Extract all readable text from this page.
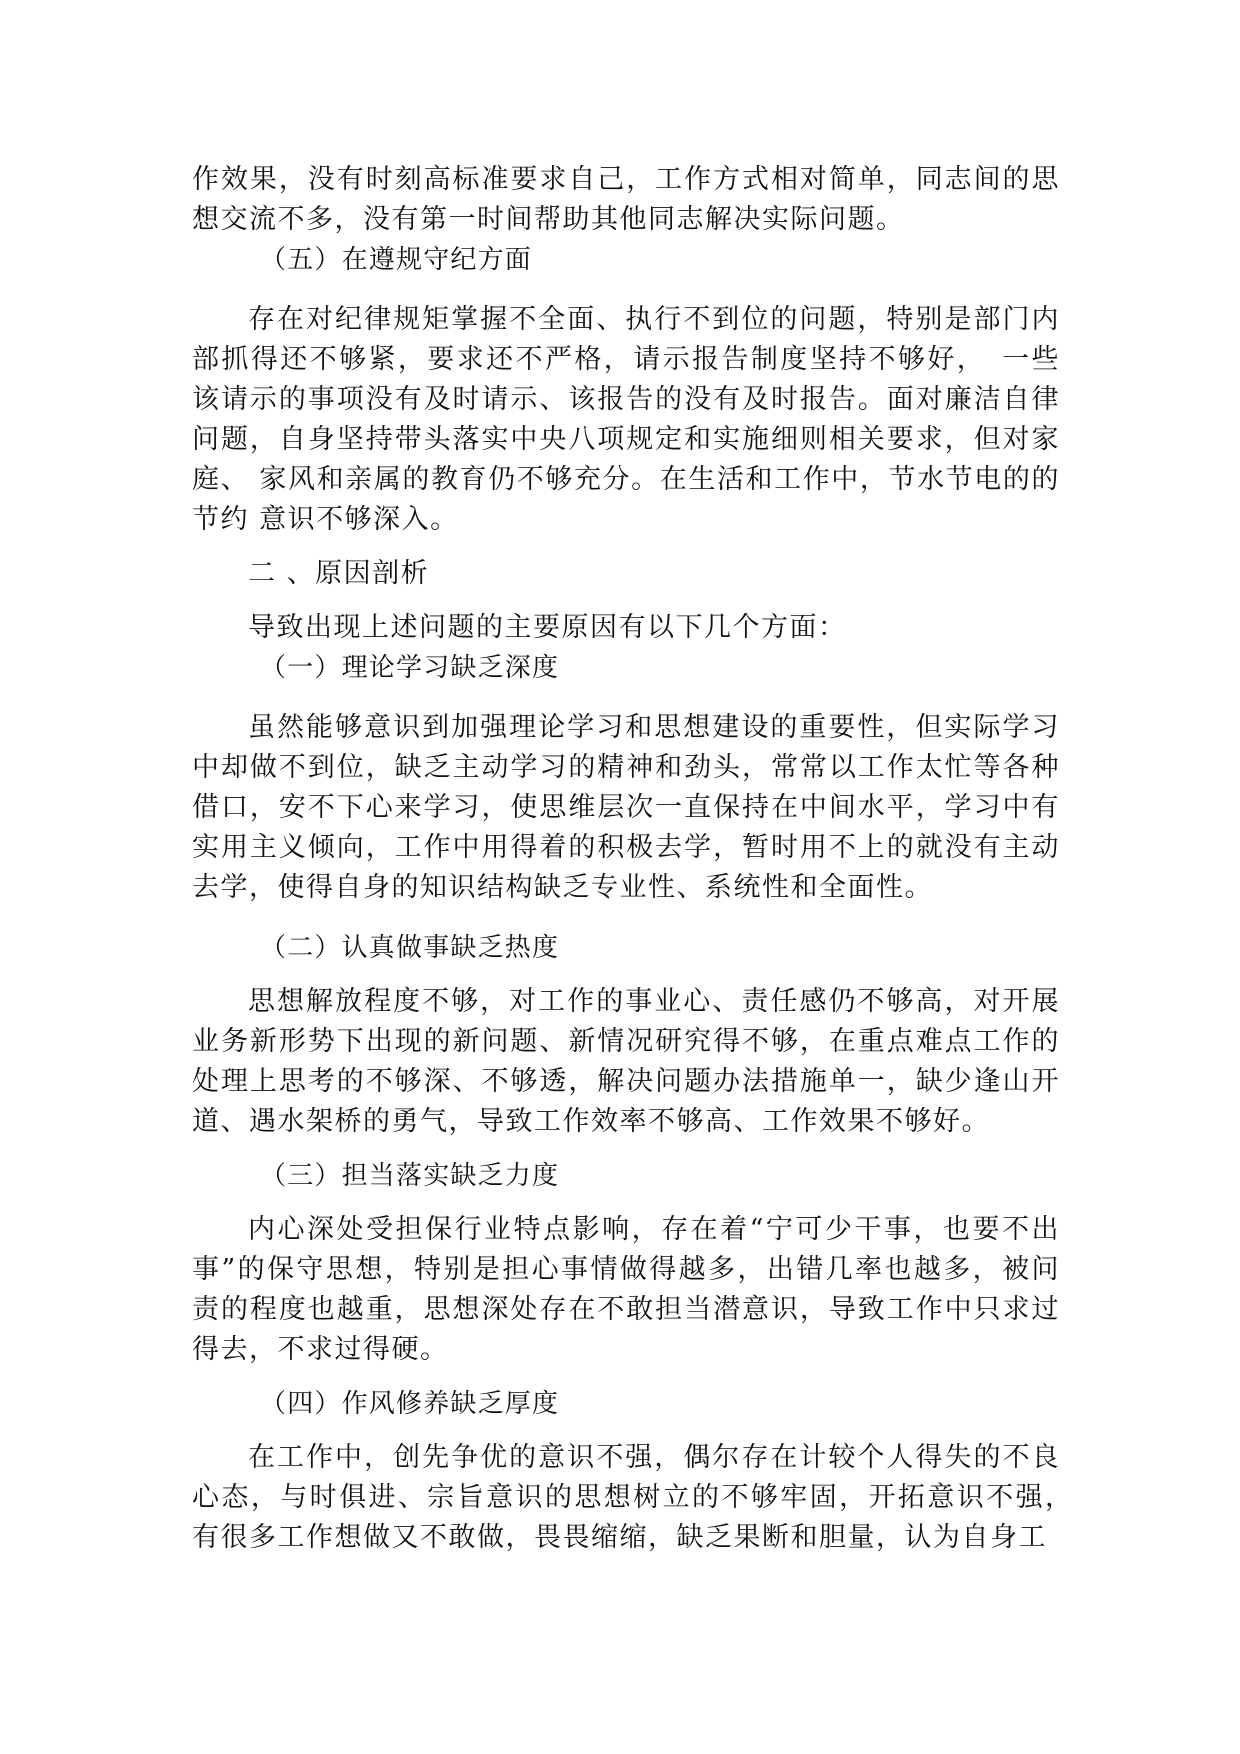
作效果，没有时刻高标准要求自己，工作方式相对简单，同志间的思想交流不多，没有第一时间帮助其他同志解决实际问题。

（五）在遵规守纪方面

存在对纪律规矩掌握不全面、执行不到位的问题，特别是部门内部抓得还不够紧，要求还不严格，请示报告制度坚持不够好，　一些该请示的事项没有及时请示、该报告的没有及时报告。面对廉洁自律问题，自身坚持带头落实中央八项规定和实施细则相关要求，但对家庭、 家风和亲属的教育仍不够充分。在生活和工作中，节水节电的的节约 意识不够深入。

二 、原因剖析

导致出现上述问题的主要原因有以下几个方面：

（一）理论学习缺乏深度

虽然能够意识到加强理论学习和思想建设的重要性，但实际学习 中却做不到位，缺乏主动学习的精神和劲头，常常以工作太忙等各种 借口，安不下心来学习，使思维层次一直保持在中间水平，学习中有 实用主义倾向，工作中用得着的积极去学，暂时用不上的就没有主动 去学，使得自身的知识结构缺乏专业性、系统性和全面性。

（二）认真做事缺乏热度

思想解放程度不够，对工作的事业心、责任感仍不够高，对开展业务新形势下出现的新问题、新情况研究得不够，在重点难点工作的处理上思考的不够深、不够透，解决问题办法措施单一，缺少逢山开道、遇水架桥的勇气，导致工作效率不够高、工作效果不够好。

（三）担当落实缺乏力度

内心深处受担保行业特点影响，存在着“宁可少干事，也要不出 事”的保守思想，特别是担心事情做得越多，出错几率也越多，被问 责的程度也越重，思想深处存在不敢担当潜意识，导致工作中只求过 得去，不求过得硬。

（四）作风修养缺乏厚度

在工作中，创先争优的意识不强，偶尔存在计较个人得失的不良心态，与时俱进、宗旨意识的思想树立的不够牢固，开拓意识不强，　有很多工作想做又不敢做，畏畏缩缩，缺乏果断和胆量，认为自身工
